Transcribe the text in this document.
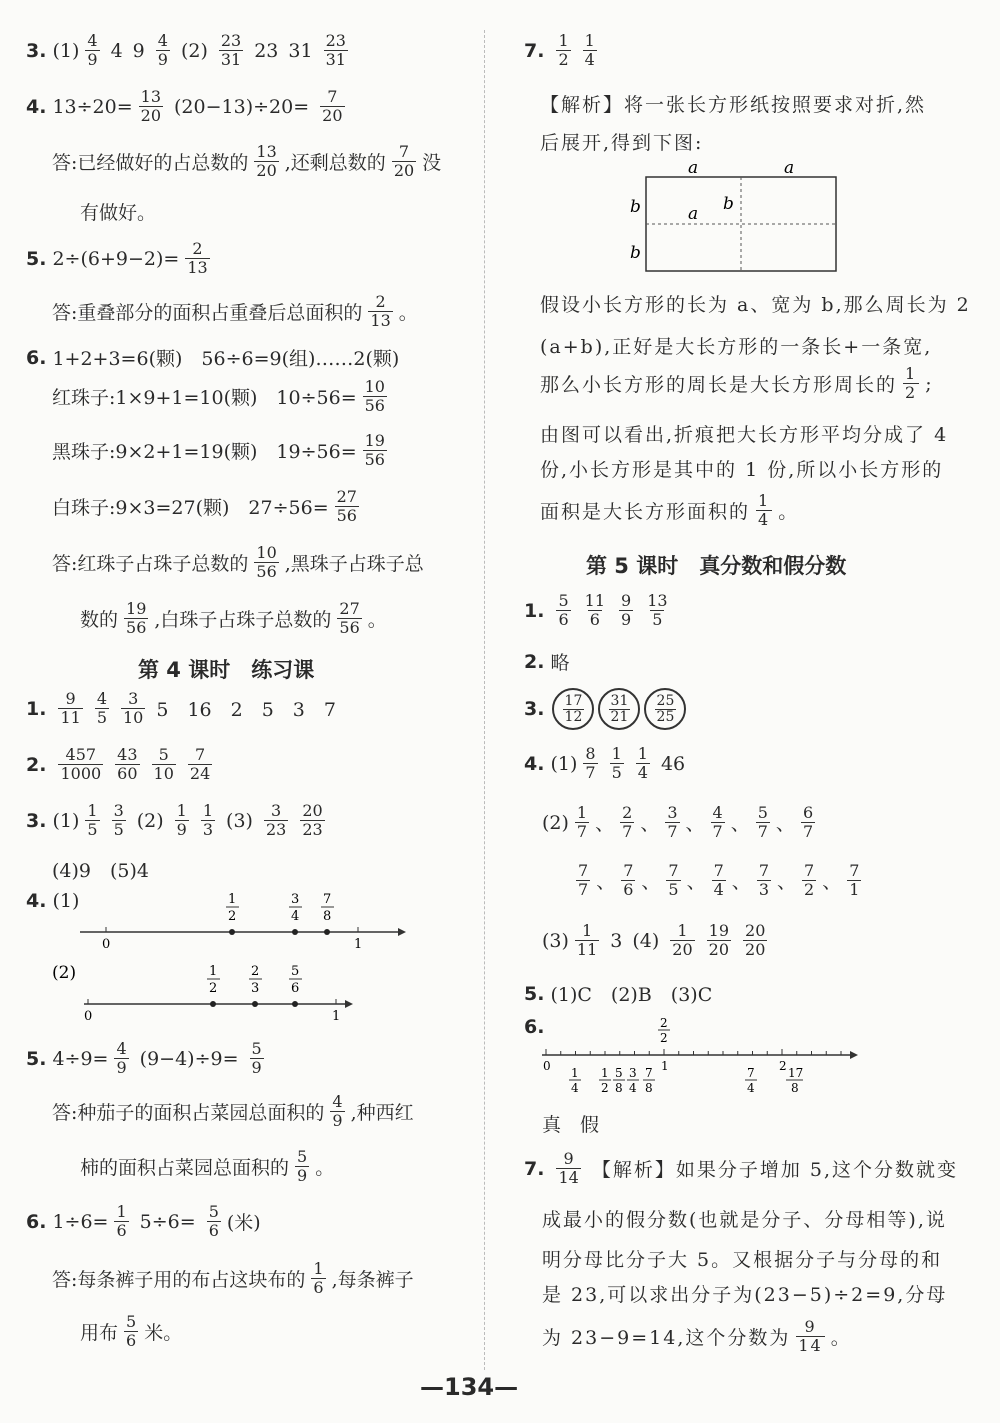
3. (1) 4
9 4 9 4
9 (2) 23
31 23 31 23
31
4. $13\div 20= \frac{13}{20} (20-13)\div 20= \frac{7}{20}$
答:已经做好的占总数的
13
20 ,还剩总数的
7
20 没
有做好。
5. $2\div(6+9-2)= \frac{2}{13}$
答:重叠部分的面积占重叠后总面积的
2
13 。
6. 1+2+3=6(颗)　56÷6=9(组)……2(颗)
红珠子:1×9+1=10(颗)　$10\div 56= \frac{10}{56}$
黑珠子:9×2+1=19(颗)　$19\div 56= \frac{19}{56}$
白珠子:9×3=27(颗)　$27\div 56= \frac{27}{56}$
答:红珠子占珠子总数的
10
56 ,黑珠子占珠子总
数的
19
56 ,白珠子占珠子总数的
27
56 。
第 4 课时　练习课
1. 9
11
4
5
3
10 5　16　2　5　3　7
2. 457
1000
43
60
5
10
7
24
3. (1) 1
5
3
5 (2) 1
9
1
3 (3) 3
23
20
23
(4)9　(5)4
4. (1)
0	1
1
2
3
4
7
8
(2)
0	1
1
2
2
3
5
6
5. $4\div 9= \frac{4}{9} (9-4)\div 9= \frac{5}{9}$
答:种茄子的面积占菜园总面积的
4
9 ,种西红
柿的面积占菜园总面积的
5
9 。
6. $1\div 6= \frac{1}{6} 5\div 6= \frac{5}{6}$ (米)
答:每条裤子用的布占这块布的
1
6 ,每条裤子
用布
5
6 米。
7. 1
2
1
4
【解析】将一张长方形纸按照要求对折,然
后展开,得到下图:
a	a
b
b
a b
假设小长方形的长为 a、宽为 b,那么周长为 2
(a+b),正好是大长方形的一条长+一条宽,
那么小长方形的周长是大长方形周长的
1
2 ;
由图可以看出,折痕把大长方形平均分成了 4
份,小长方形是其中的 1 份,所以小长方形的
面积是大长方形面积的
1
4 。
第 5 课时　真分数和假分数
1. 5
6
11
6
9
9
13
5
2. 略
3. 17
12
31
21
25
25
4. (1) 8
7
1
5
1
4 46
(2) 1
7 、
2
7 、
3
7 、
4
7 、
5
7 、
6
7
7
7 、
7
6 、
7
5 、
7
4 、
7
3 、
7
2 、
7
1
(3) 1
11 3 (4) 1
20
19
20
20
20
5. (1)C　(2)B　(3)C
6.
0	1	2
2
2
1
4
1
2
5
8
3
4
7
8
7
4
17
8
真　假
7. 9
14 【解析】如果分子增加 5,这个分数就变
成最小的假分数(也就是分子、分母相等),说
明分母比分子大 5。又根据分子与分母的和
是 23,可以求出分子为(23−5)÷2=9,分母
为 23−9=14,这个分数为
9
14 。
—134—
